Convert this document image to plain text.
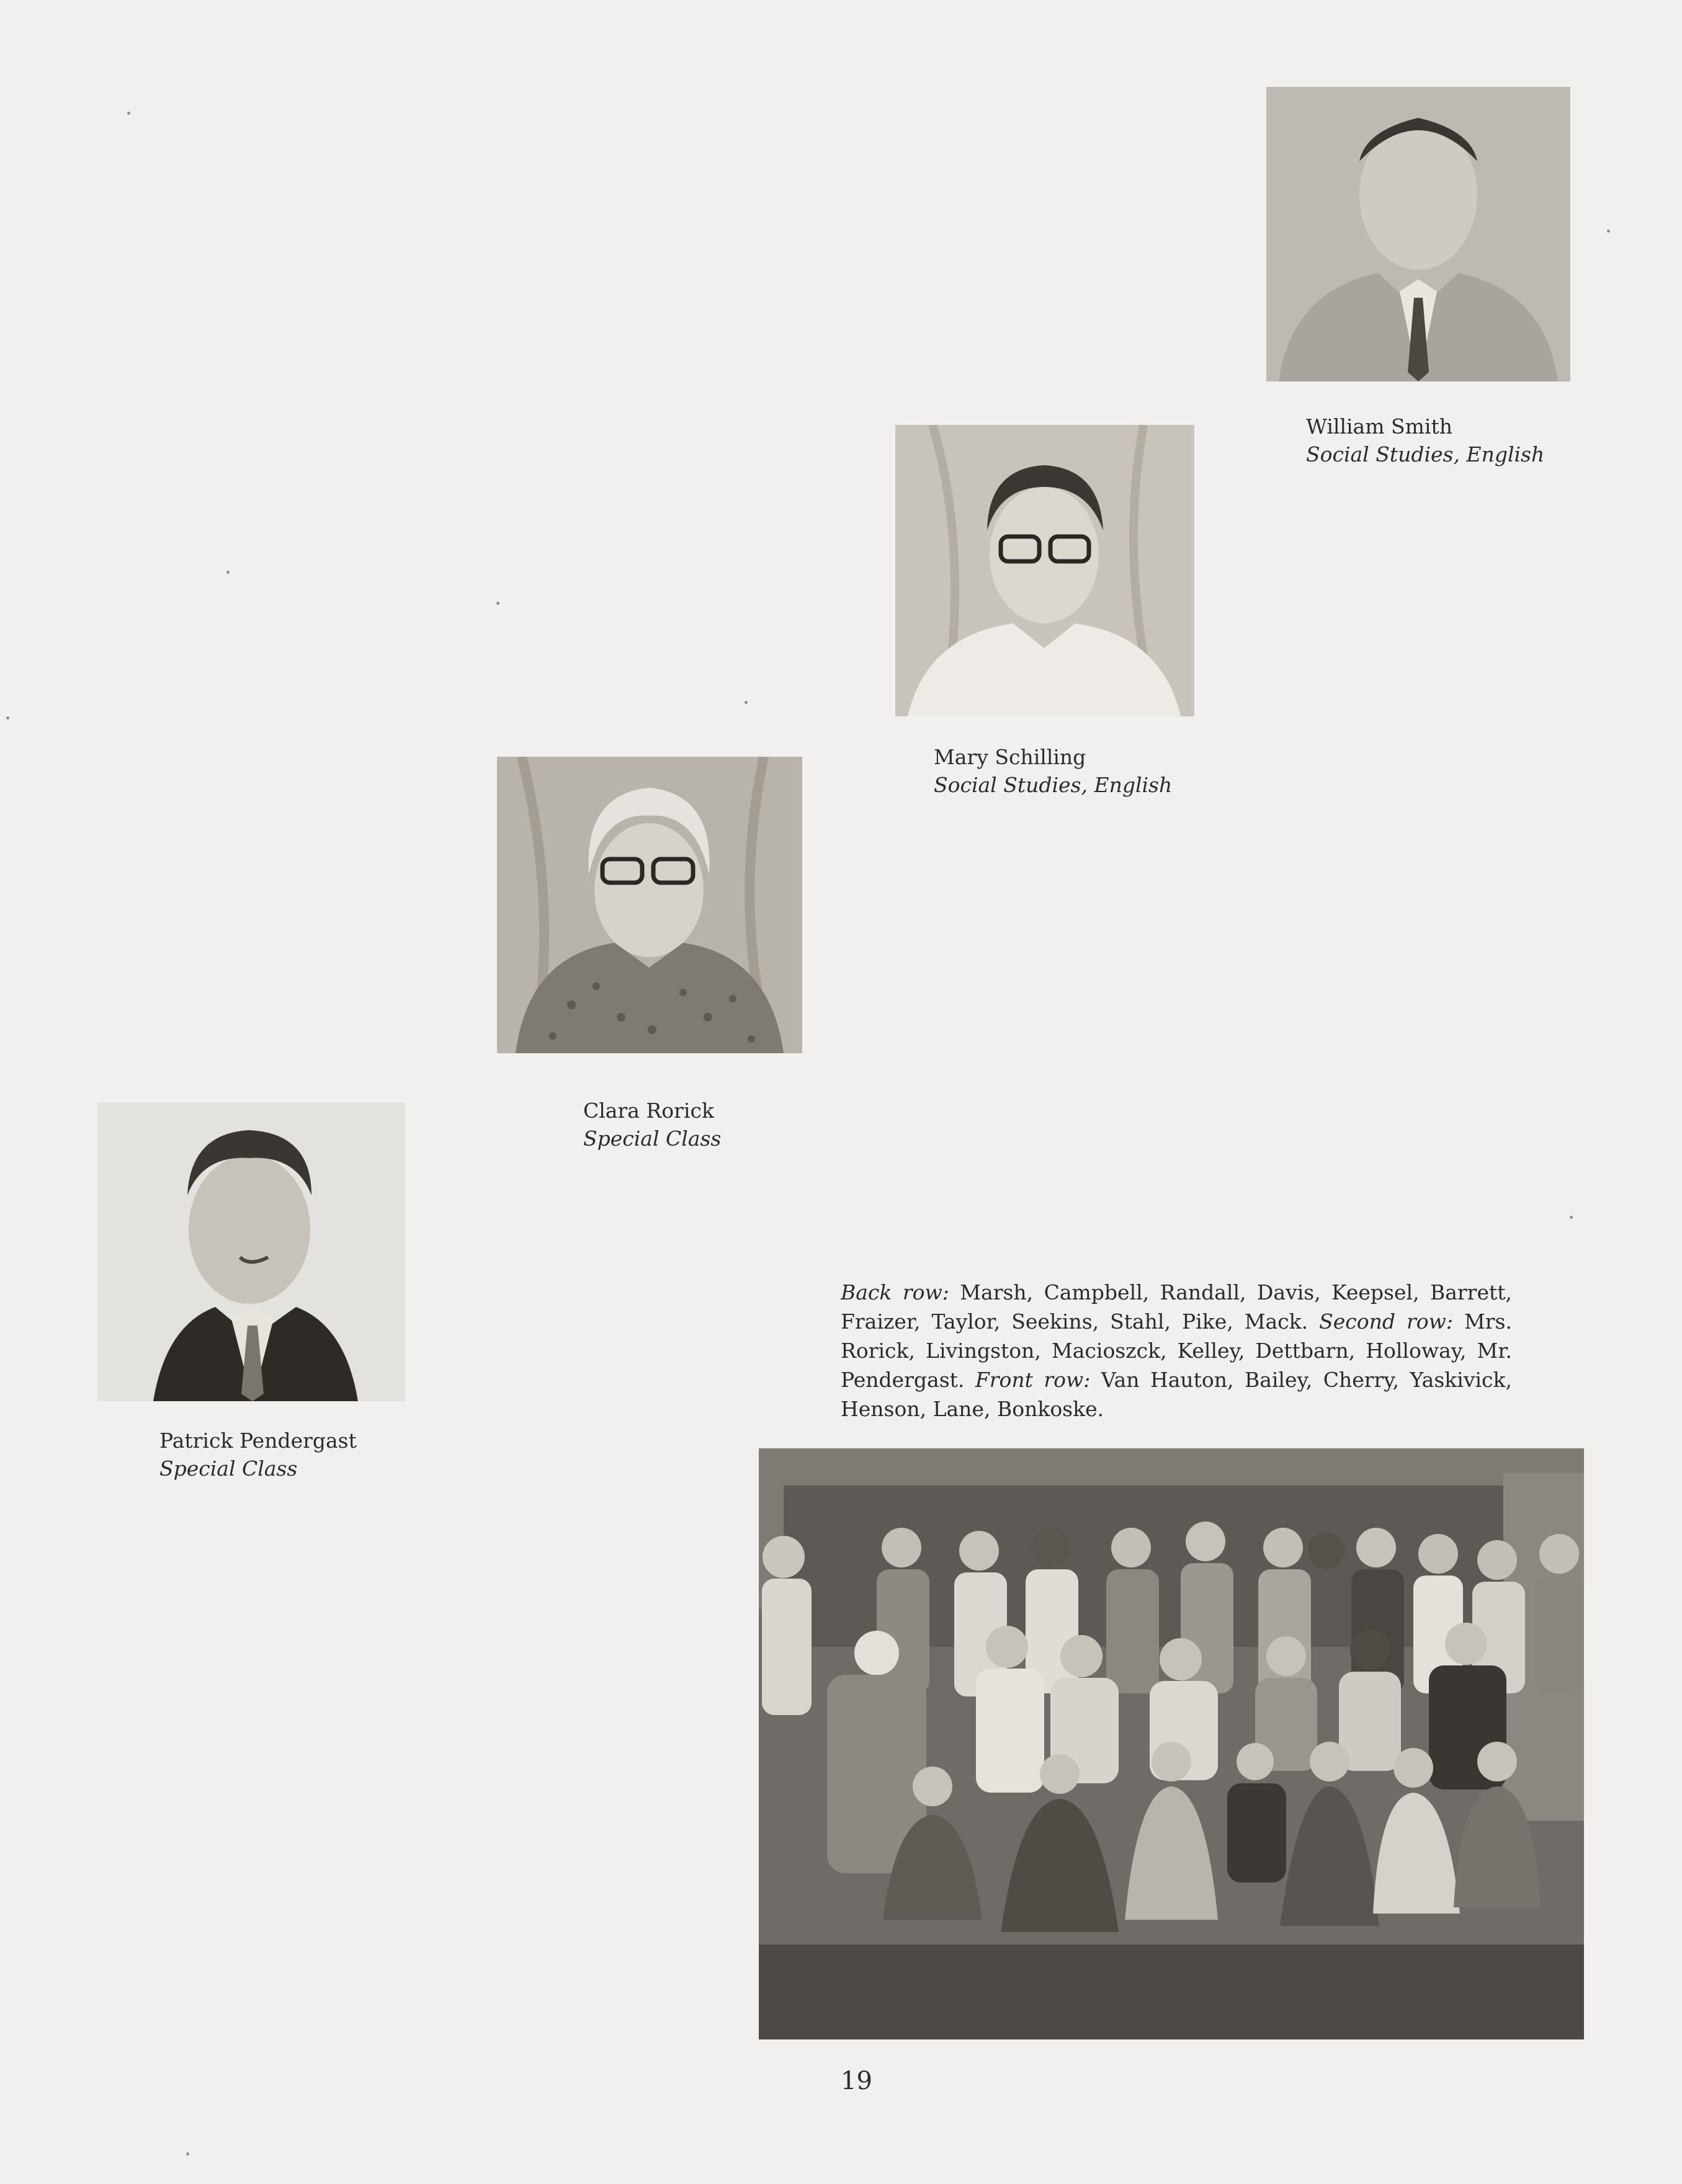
William Smith
Social Studies, English
Mary Schilling
Social Studies, English
Clara Rorick
Special Class
Patrick Pendergast
Special Class
Back row: Marsh, Campbell, Randall, Davis, Keepsel, Barrett, Fraizer, Taylor, Seekins, Stahl, Pike, Mack. Second row: Mrs. Rorick, Livingston, Macioszck, Kelley, Dettbarn, Holloway, Mr. Pendergast. Front row: Van Hauton, Bailey, Cherry, Yaskivick, Henson, Lane, Bonkoske.
19
